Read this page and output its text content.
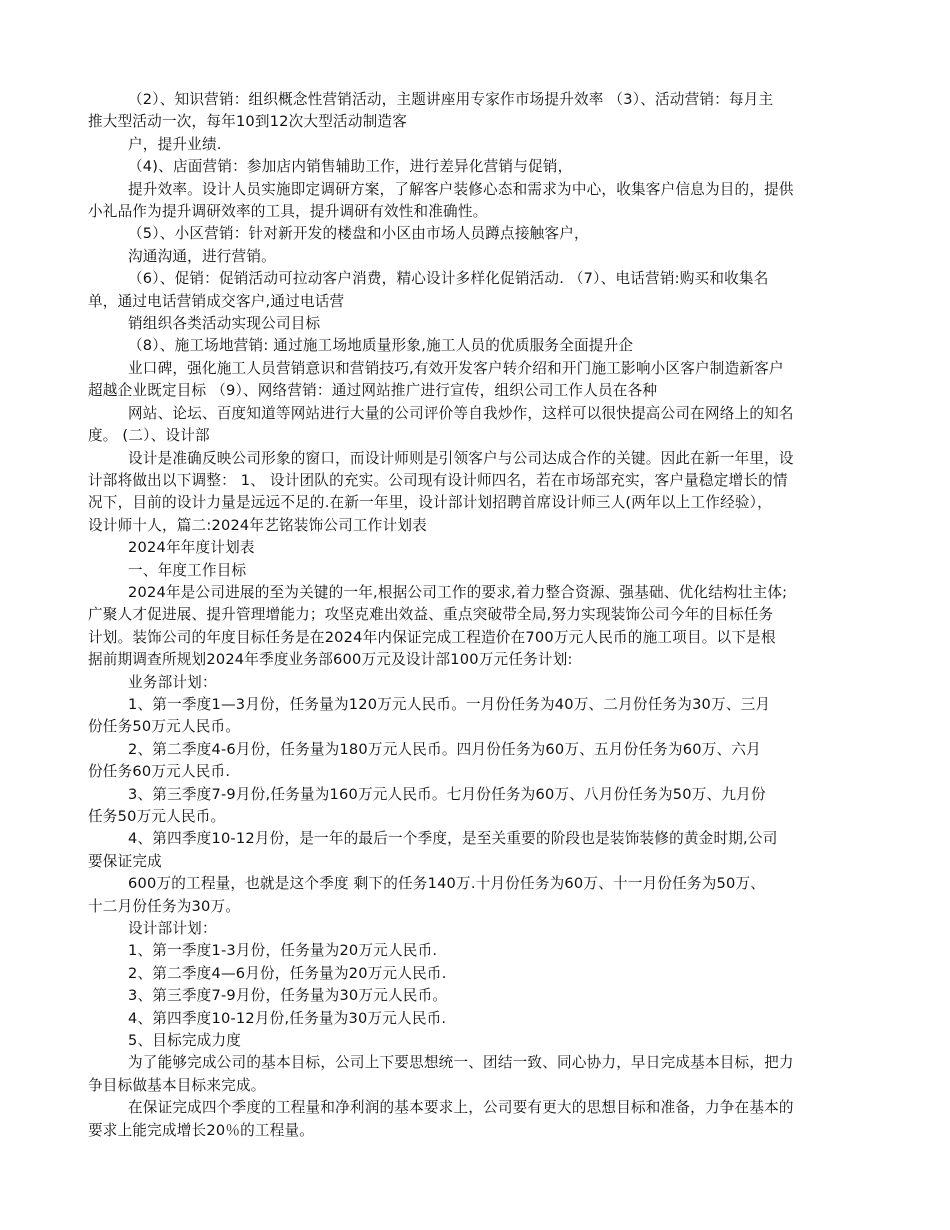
（2）、知识营销：组织概念性营销活动，主题讲座用专家作市场提升效率 （3）、活动营销：每月主
推大型活动一次，每年10到12次大型活动制造客
户，提升业绩.
（4)、店面营销：参加店内销售辅助工作，进行差异化营销与促销，
提升效率。设计人员实施即定调研方案，了解客户装修心态和需求为中心，收集客户信息为目的，提供
小礼品作为提升调研效率的工具，提升调研有效性和准确性。
（5）、小区营销：针对新开发的楼盘和小区由市场人员蹲点接触客户，
沟通沟通，进行营销。
（6）、促销：促销活动可拉动客户消费，精心设计多样化促销活动. （7）、电话营销:购买和收集名
单，通过电话营销成交客户,通过电话营
销组织各类活动实现公司目标
（8）、施工场地营销: 通过施工场地质量形象,施工人员的优质服务全面提升企
业口碑，强化施工人员营销意识和营销技巧,有效开发客户转介绍和开门施工影响小区客户制造新客户
超越企业既定目标 （9）、网络营销：通过网站推广进行宣传，组织公司工作人员在各种
网站、论坛、百度知道等网站进行大量的公司评价等自我炒作，这样可以很快提高公司在网络上的知名
度。 (二）、设计部
设计是准确反映公司形象的窗口，而设计师则是引领客户与公司达成合作的关键。因此在新一年里，设
计部将做出以下调整： 1、 设计团队的充实。公司现有设计师四名，若在市场部充实，客户量稳定增长的情
况下，目前的设计力量是远远不足的.在新一年里，设计部计划招聘首席设计师三人(两年以上工作经验），
设计师十人，篇二:2024年艺铭装饰公司工作计划表
2024年年度计划表
一、年度工作目标
2024年是公司进展的至为关键的一年,根据公司工作的要求,着力整合资源、强基础、优化结构壮主体;
广聚人才促进展、提升管理增能力；攻坚克难出效益、重点突破带全局,努力实现装饰公司今年的目标任务
计划。装饰公司的年度目标任务是在2024年内保证完成工程造价在700万元人民币的施工项目。以下是根
据前期调查所规划2024年季度业务部600万元及设计部100万元任务计划:
业务部计划：
1、第一季度1—3月份，任务量为120万元人民币。一月份任务为40万、二月份任务为30万、三月
份任务50万元人民币。
2、第二季度4-6月份，任务量为180万元人民币。四月份任务为60万、五月份任务为60万、六月
份任务60万元人民币.
3、第三季度7-9月份,任务量为160万元人民币。七月份任务为60万、八月份任务为50万、九月份
任务50万元人民币。
4、第四季度10-12月份，是一年的最后一个季度，是至关重要的阶段也是装饰装修的黄金时期,公司
要保证完成
600万的工程量，也就是这个季度 剩下的任务140万.十月份任务为60万、十一月份任务为50万、
十二月份任务为30万。
设计部计划：
1、第一季度1-3月份，任务量为20万元人民币.
2、第二季度4—6月份，任务量为20万元人民币.
3、第三季度7-9月份，任务量为30万元人民币。
4、第四季度10-12月份,任务量为30万元人民币.
5、目标完成力度
为了能够完成公司的基本目标，公司上下要思想统一、团结一致、同心协力，早日完成基本目标，把力
争目标做基本目标来完成。
在保证完成四个季度的工程量和净利润的基本要求上，公司要有更大的思想目标和准备，力争在基本的
要求上能完成增长20％的工程量。
